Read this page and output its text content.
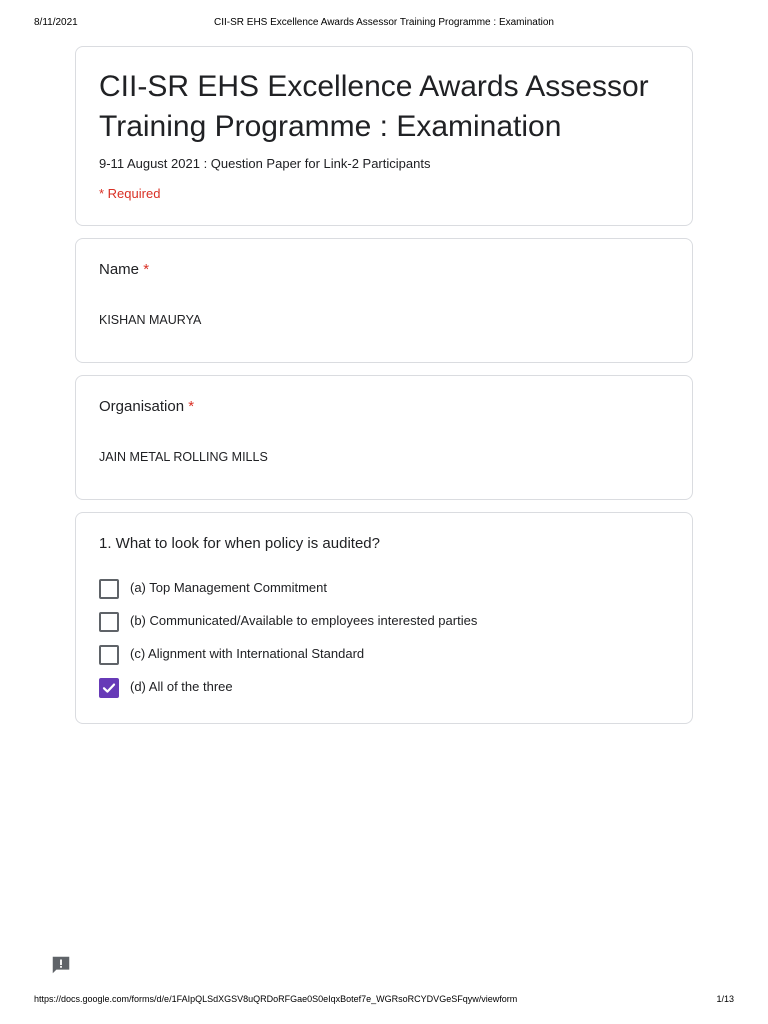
8/11/2021	CII-SR EHS Excellence Awards Assessor Training Programme : Examination
CII-SR EHS Excellence Awards Assessor Training Programme : Examination
9-11 August 2021 : Question Paper for Link-2 Participants
* Required
Name *
KISHAN MAURYA
Organisation *
JAIN METAL ROLLING MILLS
1. What to look for when policy is audited?
(a) Top Management Commitment
(b) Communicated/Available to employees interested parties
(c) Alignment with International Standard
(d) All of the three
https://docs.google.com/forms/d/e/1FAIpQLSdXGSV8uQRDoRFGae0S0eIqxBotef7e_WGRsoRCYDVGeSFqyw/viewform	1/13
